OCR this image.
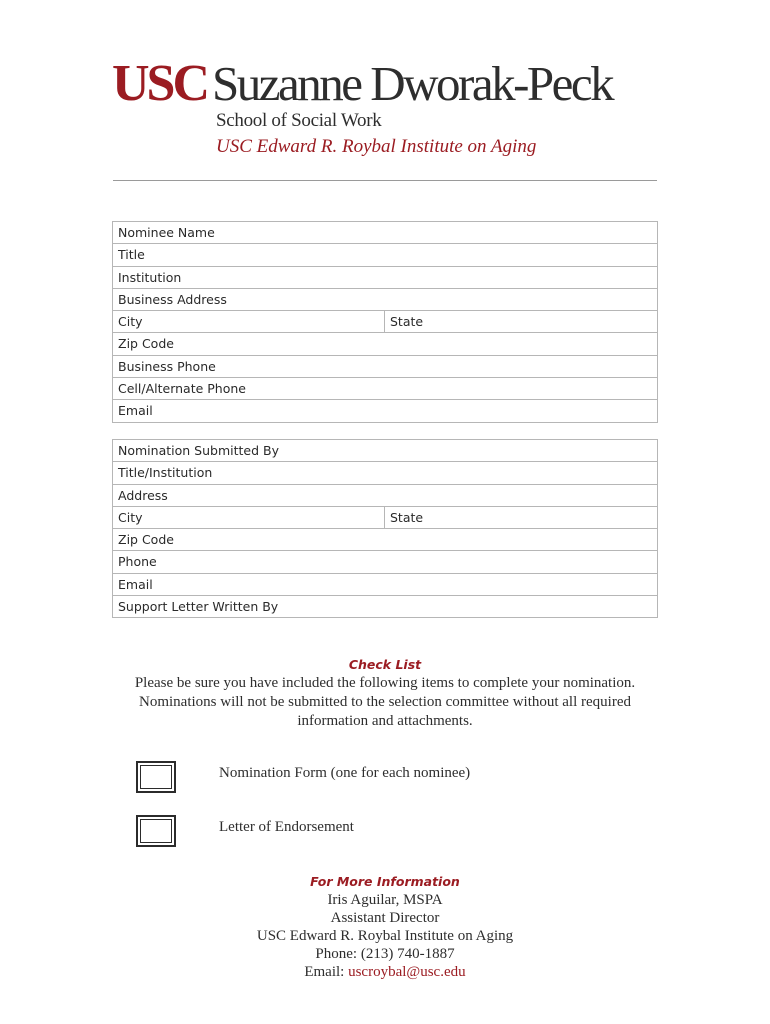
USC Suzanne Dworak-Peck
School of Social Work
USC Edward R. Roybal Institute on Aging
Nominee Name
Title
Institution
Business Address
City	State
Zip Code
Business Phone
Cell/Alternate Phone
Email
Nomination Submitted By
Title/Institution
Address
City	State
Zip Code
Phone
Email
Support Letter Written By
Check List
Please be sure you have included the following items to complete your nomination.
Nominations will not be submitted to the selection committee without all required
information and attachments.
Nomination Form (one for each nominee)
Letter of Endorsement
For More Information
Iris Aguilar, MSPA
Assistant Director
USC Edward R. Roybal Institute on Aging
Phone: (213) 740-1887
Email: uscroybal@usc.edu
